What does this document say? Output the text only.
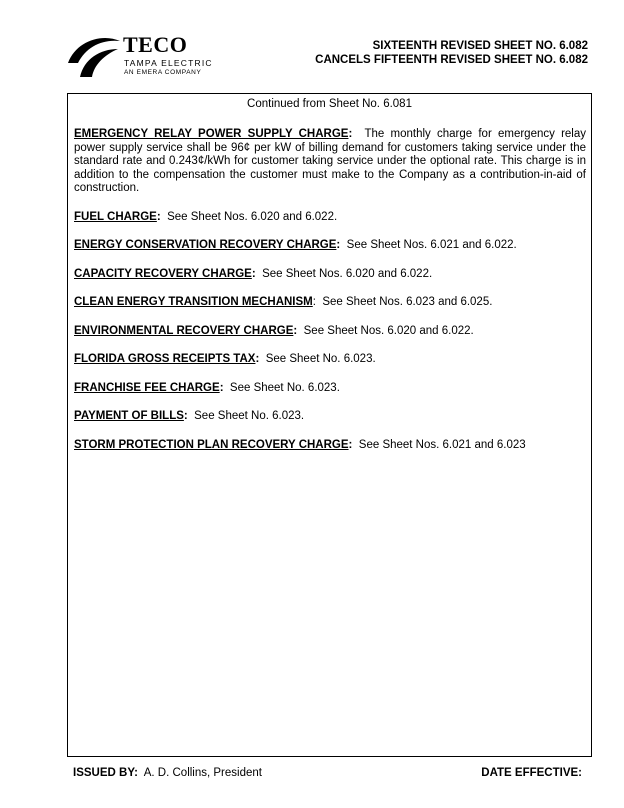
TECO
TAMPA ELECTRIC
AN EMERA COMPANY
SIXTEENTH REVISED SHEET NO. 6.082
CANCELS FIFTEENTH REVISED SHEET NO. 6.082
Continued from Sheet No. 6.081
EMERGENCY RELAY POWER SUPPLY CHARGE: The monthly charge for emergency relay power supply service shall be 96¢ per kW of billing demand for customers taking service under the standard rate and 0.243¢/kWh for customer taking service under the optional rate. This charge is in addition to the compensation the customer must make to the Company as a contribution-in-aid of construction.
FUEL CHARGE: See Sheet Nos. 6.020 and 6.022.
ENERGY CONSERVATION RECOVERY CHARGE: See Sheet Nos. 6.021 and 6.022.
CAPACITY RECOVERY CHARGE: See Sheet Nos. 6.020 and 6.022.
CLEAN ENERGY TRANSITION MECHANISM: See Sheet Nos. 6.023 and 6.025.
ENVIRONMENTAL RECOVERY CHARGE: See Sheet Nos. 6.020 and 6.022.
FLORIDA GROSS RECEIPTS TAX: See Sheet No. 6.023.
FRANCHISE FEE CHARGE: See Sheet No. 6.023.
PAYMENT OF BILLS: See Sheet No. 6.023.
STORM PROTECTION PLAN RECOVERY CHARGE: See Sheet Nos. 6.021 and 6.023
ISSUED BY: A. D. Collins, President	DATE EFFECTIVE:
